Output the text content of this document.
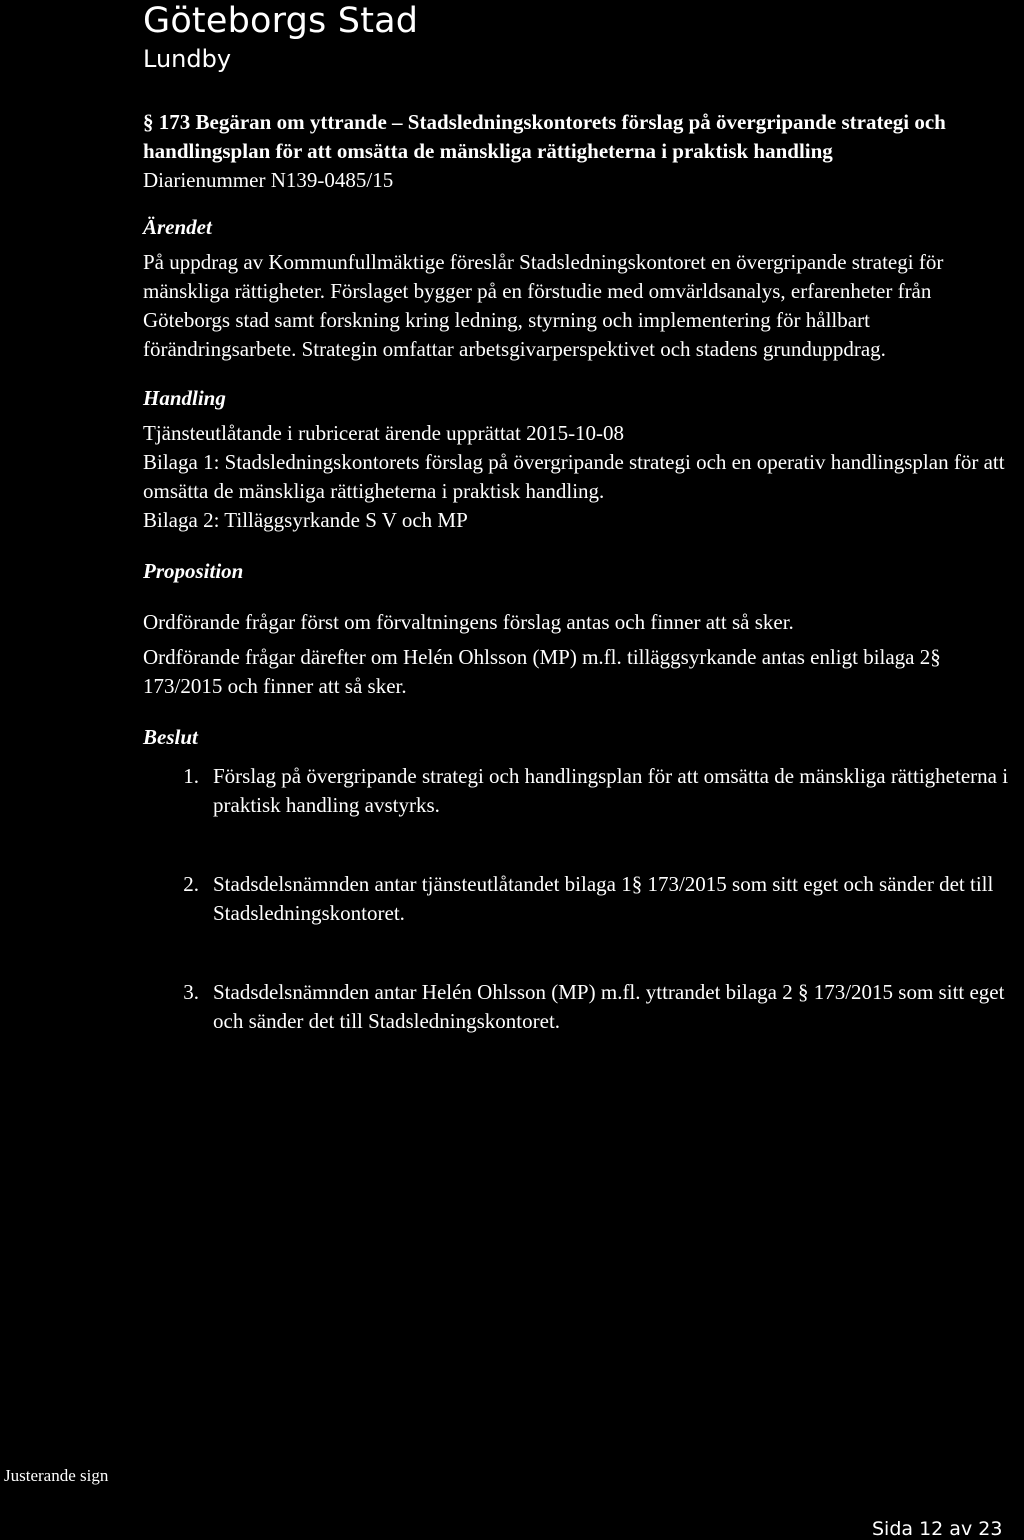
Göteborgs Stad
Lundby

§ 173 Begäran om yttrande – Stadsledningskontorets förslag på övergripande strategi och handlingsplan för att omsätta de mänskliga rättigheterna i praktisk handling

Diarienummer N139-0485/15

Ärendet

På uppdrag av Kommunfullmäktige föreslår Stadsledningskontoret en övergripande strategi för mänskliga rättigheter. Förslaget bygger på en förstudie med omvärldsanalys, erfarenheter från Göteborgs stad samt forskning kring ledning, styrning och implementering för hållbart förändringsarbete. Strategin omfattar arbetsgivarperspektivet och stadens grunduppdrag.

Handling

Tjänsteutlåtande i rubricerat ärende upprättat 2015-10-08

Bilaga 1: Stadsledningskontorets förslag på övergripande strategi och en operativ handlingsplan för att omsätta de mänskliga rättigheterna i praktisk handling.

Bilaga 2: Tilläggsyrkande S V och MP

Proposition

Ordförande frågar först om förvaltningens förslag antas och finner att så sker.

Ordförande frågar därefter om Helén Ohlsson (MP) m.fl. tilläggsyrkande antas enligt bilaga 2§ 173/2015 och finner att så sker.

Beslut

1. Förslag på övergripande strategi och handlingsplan för att omsätta de mänskliga rättigheterna i praktisk handling avstyrks.
2. Stadsdelsnämnden antar tjänsteutlåtandet bilaga 1§ 173/2015 som sitt eget och sänder det till Stadsledningskontoret.
3. Stadsdelsnämnden antar Helén Ohlsson (MP) m.fl. yttrandet bilaga 2 § 173/2015 som sitt eget och sänder det till Stadsledningskontoret.
Justerande sign
Sida 12 av 23
